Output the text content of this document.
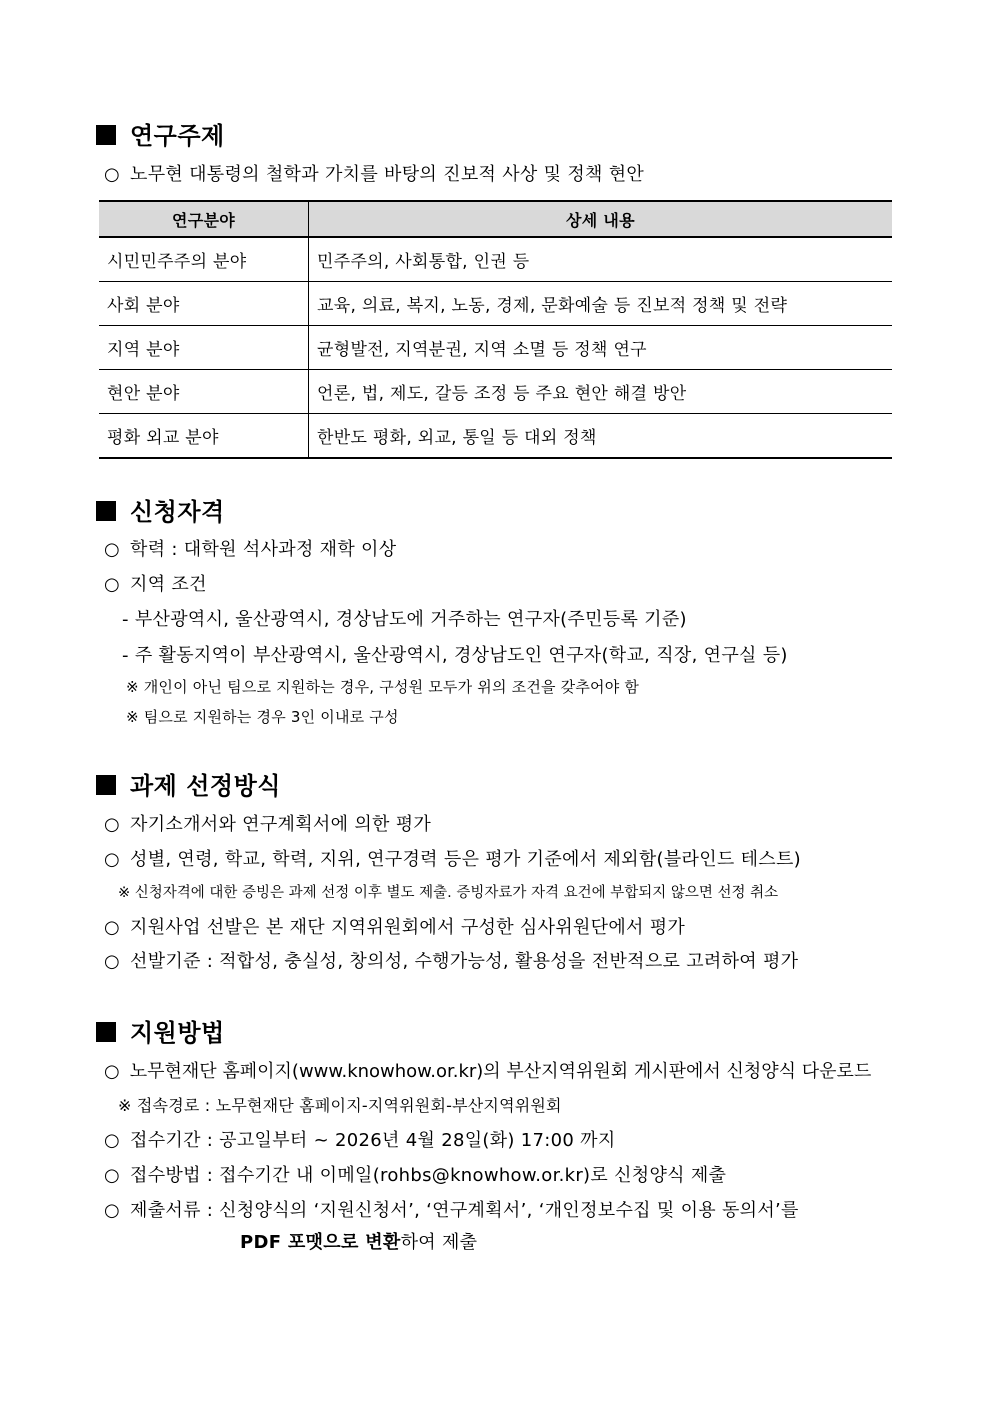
연구주제
○ 노무현 대통령의 철학과 가치를 바탕의 진보적 사상 및 정책 현안
연구분야	상세 내용
시민민주주의 분야	민주주의, 사회통합, 인권 등
사회 분야	교육, 의료, 복지, 노동, 경제, 문화예술 등 진보적 정책 및 전략
지역 분야	균형발전, 지역분권, 지역 소멸 등 정책 연구
현안 분야	언론, 법, 제도, 갈등 조정 등 주요 현안 해결 방안
평화 외교 분야	한반도 평화, 외교, 통일 등 대외 정책
신청자격
○ 학력 : 대학원 석사과정 재학 이상
○ 지역 조건
- 부산광역시, 울산광역시, 경상남도에 거주하는 연구자(주민등록 기준)
- 주 활동지역이 부산광역시, 울산광역시, 경상남도인 연구자(학교, 직장, 연구실 등)
※ 개인이 아닌 팀으로 지원하는 경우, 구성원 모두가 위의 조건을 갖추어야 함
※ 팀으로 지원하는 경우 3인 이내로 구성
과제 선정방식
○ 자기소개서와 연구계획서에 의한 평가
○ 성별, 연령, 학교, 학력, 지위, 연구경력 등은 평가 기준에서 제외함(블라인드 테스트)
※ 신청자격에 대한 증빙은 과제 선정 이후 별도 제출. 증빙자료가 자격 요건에 부합되지 않으면 선정 취소
○ 지원사업 선발은 본 재단 지역위원회에서 구성한 심사위원단에서 평가
○ 선발기준 : 적합성, 충실성, 창의성, 수행가능성, 활용성을 전반적으로 고려하여 평가
지원방법
○ 노무현재단 홈페이지(www.knowhow.or.kr)의 부산지역위원회 게시판에서 신청양식 다운로드
※ 접속경로 : 노무현재단 홈페이지-지역위원회-부산지역위원회
○ 접수기간 : 공고일부터 ~ 2026년 4월 28일(화) 17:00 까지
○ 접수방법 : 접수기간 내 이메일(rohbs@knowhow.or.kr)로 신청양식 제출
○ 제출서류 : 신청양식의 ‘지원신청서’, ‘연구계획서’, ‘개인정보수집 및 이용 동의서’를
PDF 포맷으로 변환하여 제출
